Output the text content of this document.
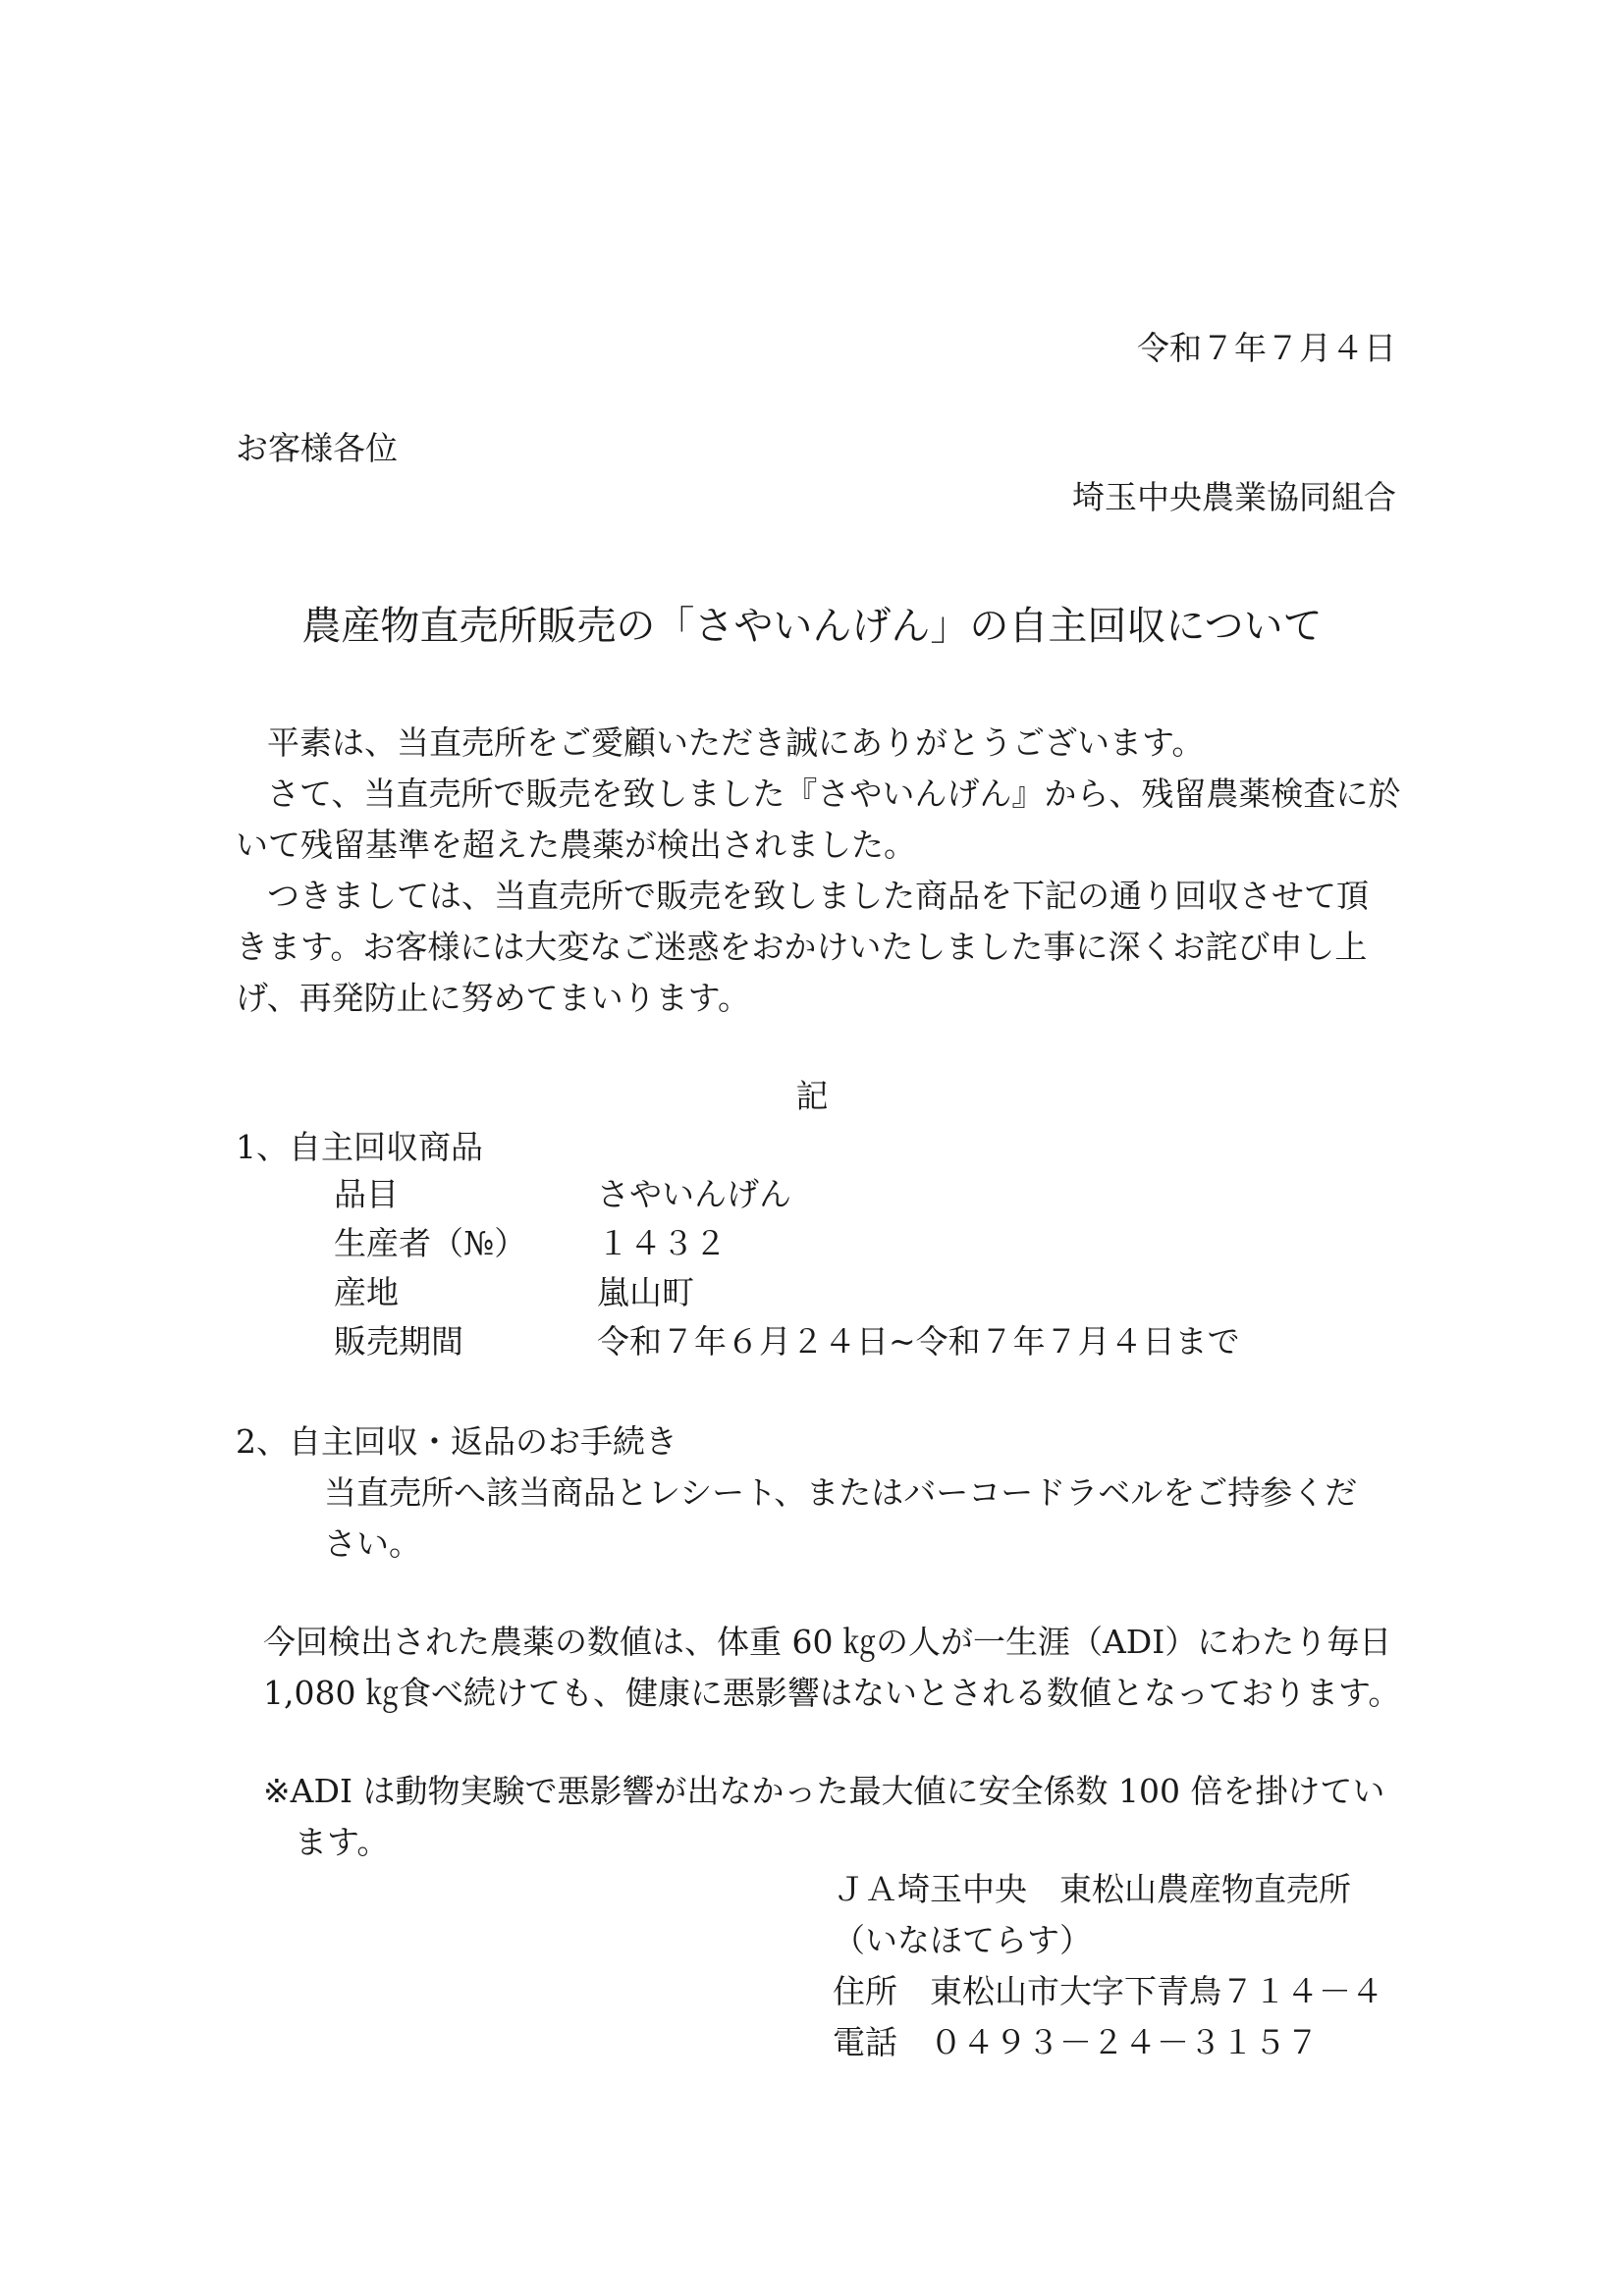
令和７年７月４日
お客様各位
埼玉中央農業協同組合
農産物直売所販売の「さやいんげん」の自主回収について
平素は、当直売所をご愛顧いただき誠にありがとうございます。
さて、当直売所で販売を致しました『さやいんげん』から、残留農薬検査に於
いて残留基準を超えた農薬が検出されました。
つきましては、当直売所で販売を致しました商品を下記の通り回収させて頂
きます。お客様には大変なご迷惑をおかけいたしました事に深くお詫び申し上
げ、再発防止に努めてまいります。
記
1、自主回収商品
品目	さやいんげん
生産者（№） １４３２
産地	嵐山町
販売期間	令和７年６月２４日~令和７年７月４日まで
2、自主回収・返品のお手続き
当直売所へ該当商品とレシート、またはバーコードラベルをご持参くだ
さい。
今回検出された農薬の数値は、体重 60 ㎏の人が一生涯（ADI）にわたり毎日
1,080 ㎏食べ続けても、健康に悪影響はないとされる数値となっております。
※ADI は動物実験で悪影響が出なかった最大値に安全係数 100 倍を掛けてい
ます。
ＪＡ埼玉中央　東松山農産物直売所
（いなほてらす）
住所　東松山市大字下青鳥７１４－４
電話　０４９３－２４－３１５７
